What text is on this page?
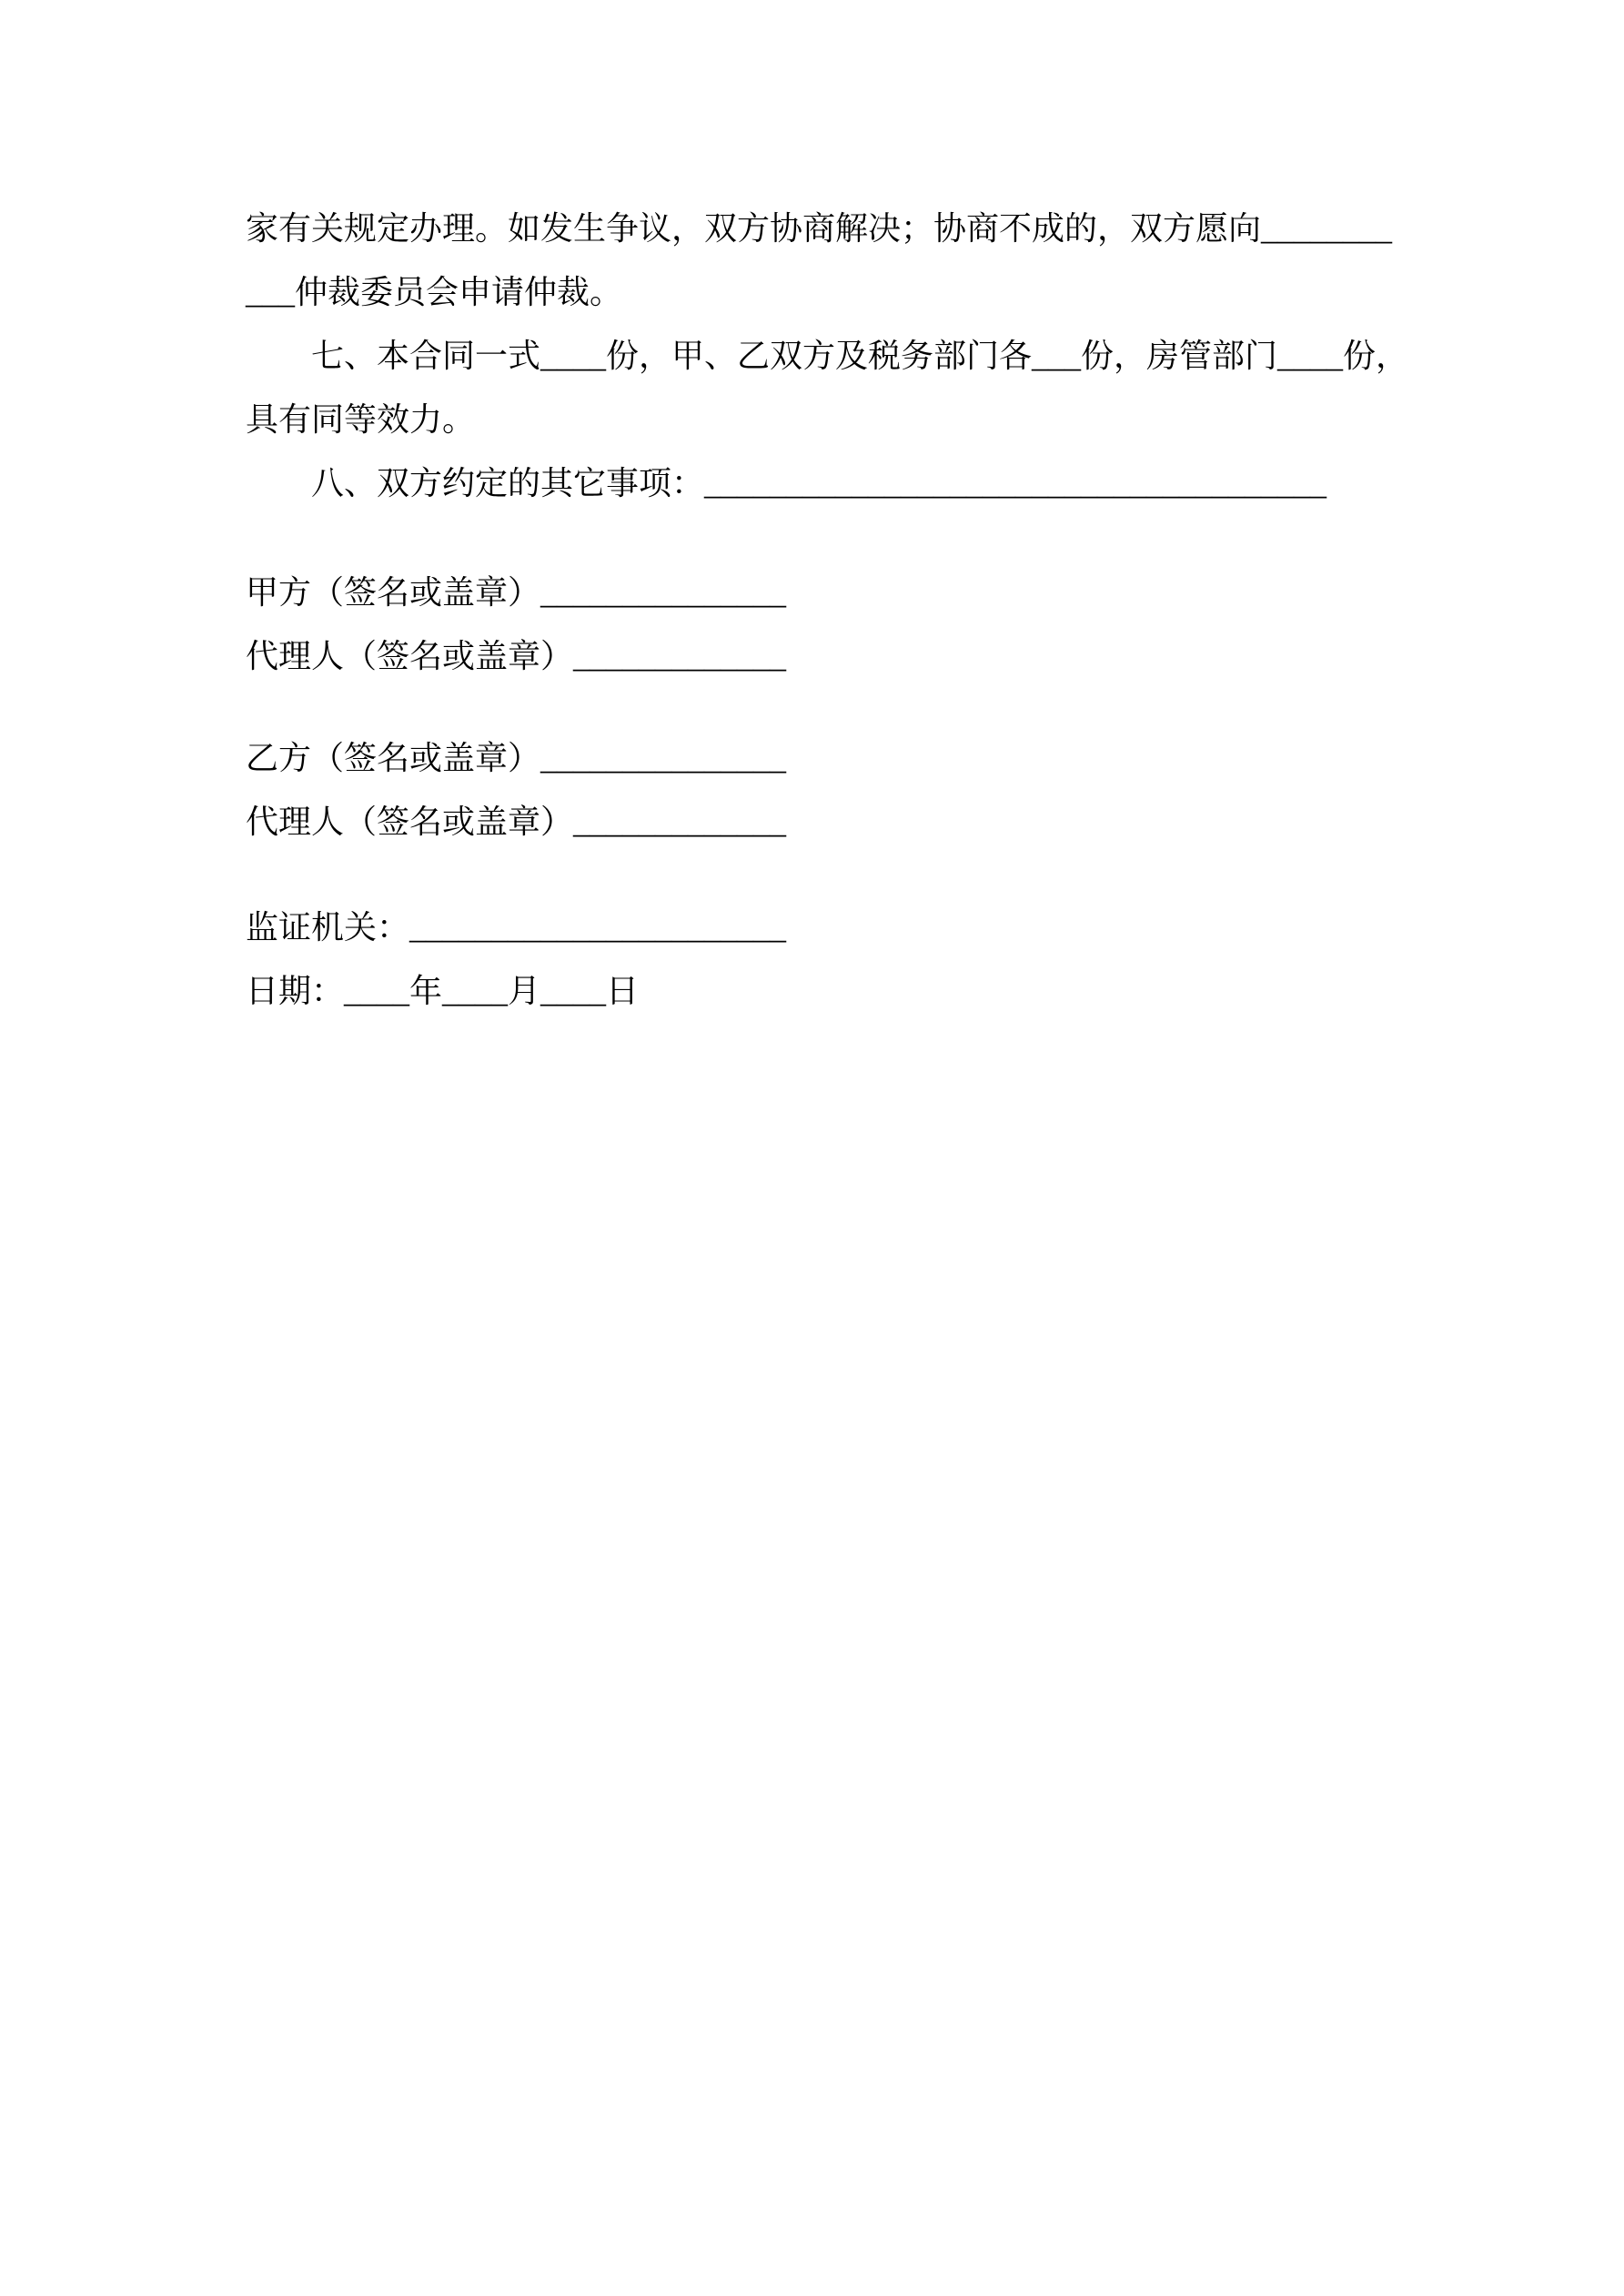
家有关规定办理。如发生争议，双方协商解决；协商不成的，双方愿向________
___仲裁委员会申请仲裁。
七、本合同一式____份，甲、乙双方及税务部门各___份，房管部门____份，
具有同等效力。
八、双方约定的其它事项：______________________________________
甲方（签名或盖章）_______________
代理人（签名或盖章）_____________
乙方（签名或盖章）_______________
代理人（签名或盖章）_____________
监证机关：_______________________
日期：____年____月____日
